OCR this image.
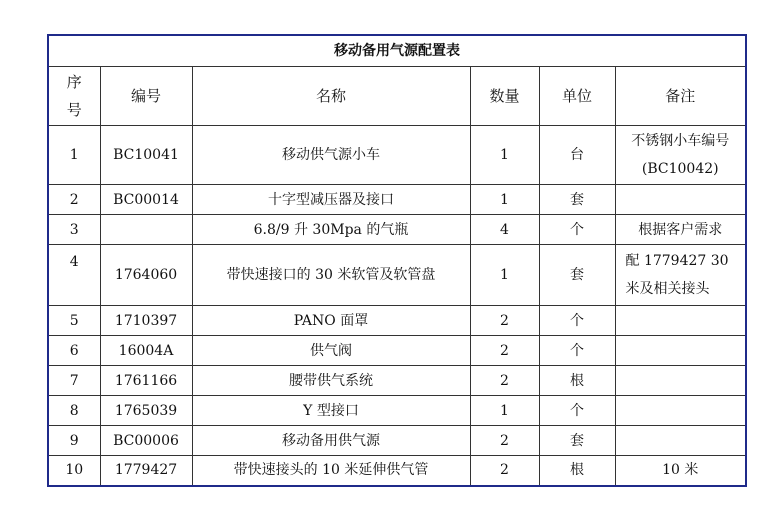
移动备用气源配置表					
序号	编号	名称	数量	单位	备注
1	BC10041	移动供气源小车	1	台	不锈钢小车编号(BC10042)
2	BC00014	十字型减压器及接口	1	套	
3		6.8/9 升 30Mpa 的气瓶	4	个	根据客户需求
4	1764060	带快速接口的 30 米软管及软管盘	1	套	配 1779427 30 米及相关接头
5	1710397	PANO 面罩	2	个	
6	16004A	供气阀	2	个	
7	1761166	腰带供气系统	2	根	
8	1765039	Y 型接口	1	个	
9	BC00006	移动备用供气源	2	套	
10	1779427	带快速接头的 10 米延伸供气管	2	根	10 米
